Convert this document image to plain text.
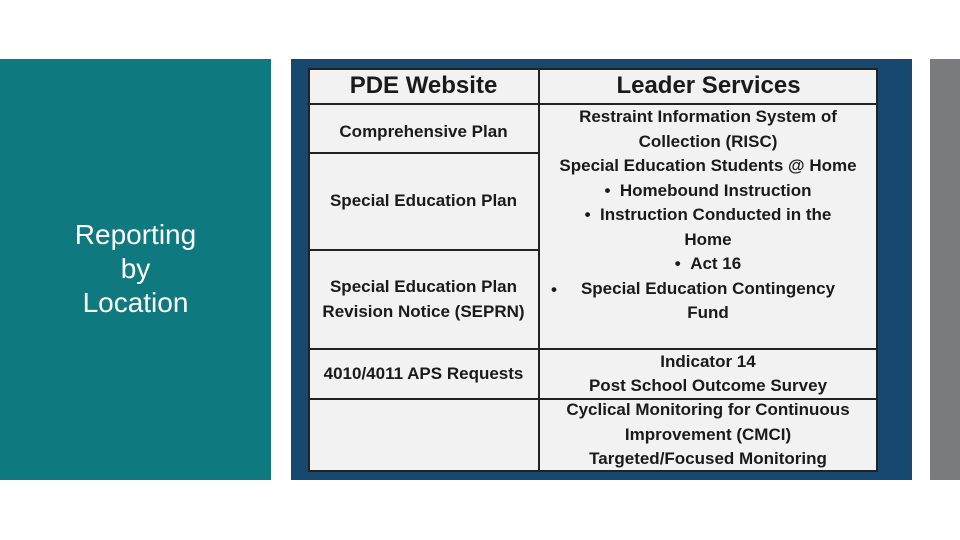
Reporting
by
Location
PDE Website	Leader Services
Comprehensive Plan
Special Education Plan
Special Education Plan
Revision Notice (SEPRN)
4010/4011 APS Requests
Restraint Information System of
Collection (RISC)
Special Education Students @ Home
• Homebound Instruction
• Instruction Conducted in the
Home
• Act 16
Special Education Contingency
Fund
•
Indicator 14
Post School Outcome Survey
Cyclical Monitoring for Continuous
Improvement (CMCI)
Targeted/Focused Monitoring
